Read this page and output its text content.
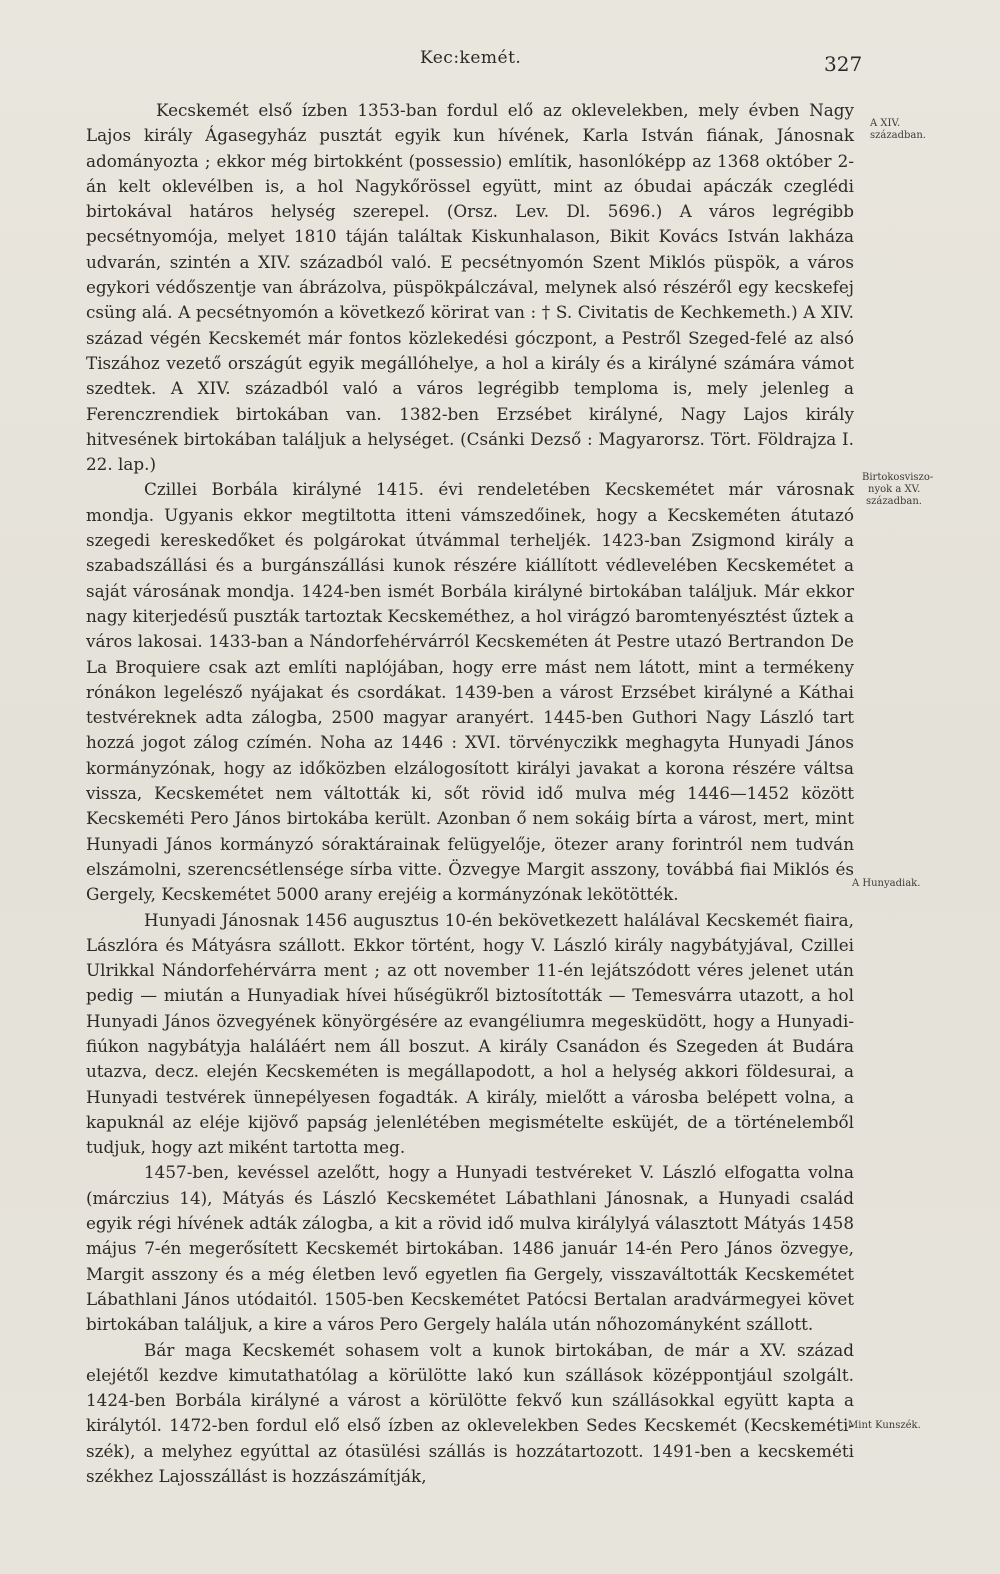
Kec:kemét.	327

Kecskemét első ízben 1353-ban fordul elő az oklevelekben, mely évben Nagy Lajos király Ágasegyház pusztát egyik kun hívének, Karla István fiának, Jánosnak adományozta ; ekkor még birtokként (possessio) említik, hasonlóképp az 1368 október 2-án kelt oklevélben is, a hol Nagykőrössel együtt, mint az óbudai apáczák czeglédi birtokával határos helység szerepel. (Orsz. Lev. Dl. 5696.) A város legrégibb pecsétnyomója, melyet 1810 táján találtak Kiskunhalason, Bikit Kovács István lakháza udvarán, szintén a XIV. századból való. E pecsétnyomón Szent Miklós püspök, a város egykori védőszentje van ábrázolva, püspökpálczával, melynek alsó részéről egy kecskefej csüng alá. A pecsétnyomón a következő körirat van : † S. Civitatis de Kechkemeth.) A XIV. század végén Kecskemét már fontos közlekedési góczpont, a Pestről Szeged-felé az alsó Tiszához vezető országút egyik megállóhelye, a hol a király és a királyné számára vámot szedtek. A XIV. századból való a város legrégibb temploma is, mely jelenleg a Ferenczrendiek birtokában van. 1382-ben Erzsébet királyné, Nagy Lajos király hitvesének birtokában találjuk a helységet. (Csánki Dezső : Magyarorsz. Tört. Földrajza I. 22. lap.)

Czillei Borbála királyné 1415. évi rendeletében Kecskemétet már városnak mondja. Ugyanis ekkor megtiltotta itteni vámszedőinek, hogy a Kecskeméten átutazó szegedi kereskedőket és polgárokat útvámmal terheljék. 1423-ban Zsigmond király a szabadszállási és a burgánszállási kunok részére kiállított védlevelében Kecskemétet a saját városának mondja. 1424-ben ismét Borbála királyné birtokában találjuk. Már ekkor nagy kiterjedésű puszták tartoztak Kecskeméthez, a hol virágzó baromtenyésztést űztek a város lakosai. 1433-ban a Nándorfehérvárról Kecskeméten át Pestre utazó Bertrandon De La Broquiere csak azt említi naplójában, hogy erre mást nem látott, mint a termékeny rónákon legelésző nyájakat és csordákat. 1439-ben a várost Erzsébet királyné a Káthai testvéreknek adta zálogba, 2500 magyar aranyért. 1445-ben Guthori Nagy László tart hozzá jogot zálog czímén. Noha az 1446 : XVI. törvényczikk meghagyta Hunyadi János kormányzónak, hogy az időközben elzálogosított királyi javakat a korona részére váltsa vissza, Kecskemétet nem váltották ki, sőt rövid idő mulva még 1446—1452 között Kecskeméti Pero János birtokába került. Azonban ő nem sokáig bírta a várost, mert, mint Hunyadi János kormányzó sóraktárainak felügyelője, ötezer arany forintról nem tudván elszámolni, szerencsétlensége sírba vitte. Özvegye Margit asszony, továbbá fiai Miklós és Gergely, Kecskemétet 5000 arany erejéig a kormányzónak lekötötték.

Hunyadi Jánosnak 1456 augusztus 10-én bekövetkezett halálával Kecskemét fiaira, Lászlóra és Mátyásra szállott. Ekkor történt, hogy V. László király nagybátyjával, Czillei Ulrikkal Nándorfehérvárra ment ; az ott november 11-én lejátszódott véres jelenet után pedig — miután a Hunyadiak hívei hűségükről biztosították — Temesvárra utazott, a hol Hunyadi János özvegyének könyörgésére az evangéliumra megesküdött, hogy a Hunyadi-fiúkon nagybátyja haláláért nem áll boszut. A király Csanádon és Szegeden át Budára utazva, decz. elején Kecskeméten is megállapodott, a hol a helység akkori földesurai, a Hunyadi testvérek ünnepélyesen fogadták. A király, mielőtt a városba belépett volna, a kapuknál az eléje kijövő papság jelenlétében megismételte esküjét, de a történelemből tudjuk, hogy azt miként tartotta meg.

1457-ben, kevéssel azelőtt, hogy a Hunyadi testvéreket V. László elfogatta volna (márczius 14), Mátyás és László Kecskemétet Lábathlani Jánosnak, a Hunyadi család egyik régi hívének adták zálogba, a kit a rövid idő mulva királylyá választott Mátyás 1458 május 7-én megerősített Kecskemét birtokában. 1486 január 14-én Pero János özvegye, Margit asszony és a még életben levő egyetlen fia Gergely, visszaváltották Kecskemétet Lábathlani János utódaitól. 1505-ben Kecskemétet Patócsi Bertalan aradvármegyei követ birtokában találjuk, a kire a város Pero Gergely halála után nőhozományként szállott.

Bár maga Kecskemét sohasem volt a kunok birtokában, de már a XV. század elejétől kezdve kimutathatólag a körülötte lakó kun szállások középpontjául szolgált. 1424-ben Borbála királyné a várost a körülötte fekvő kun szállásokkal együtt kapta a királytól. 1472-ben fordul elő első ízben az oklevelekben Sedes Kecskemét (Kecskeméti-szék), a melyhez egyúttal az ótasülési szállás is hozzátartozott. 1491-ben a kecskeméti székhez Lajosszállást is hozzászámítják,

A XIV.
században.
Birtokosviszo-
nyok a XV.
században.
A Hunyadiak.
Mint Kunszék.
